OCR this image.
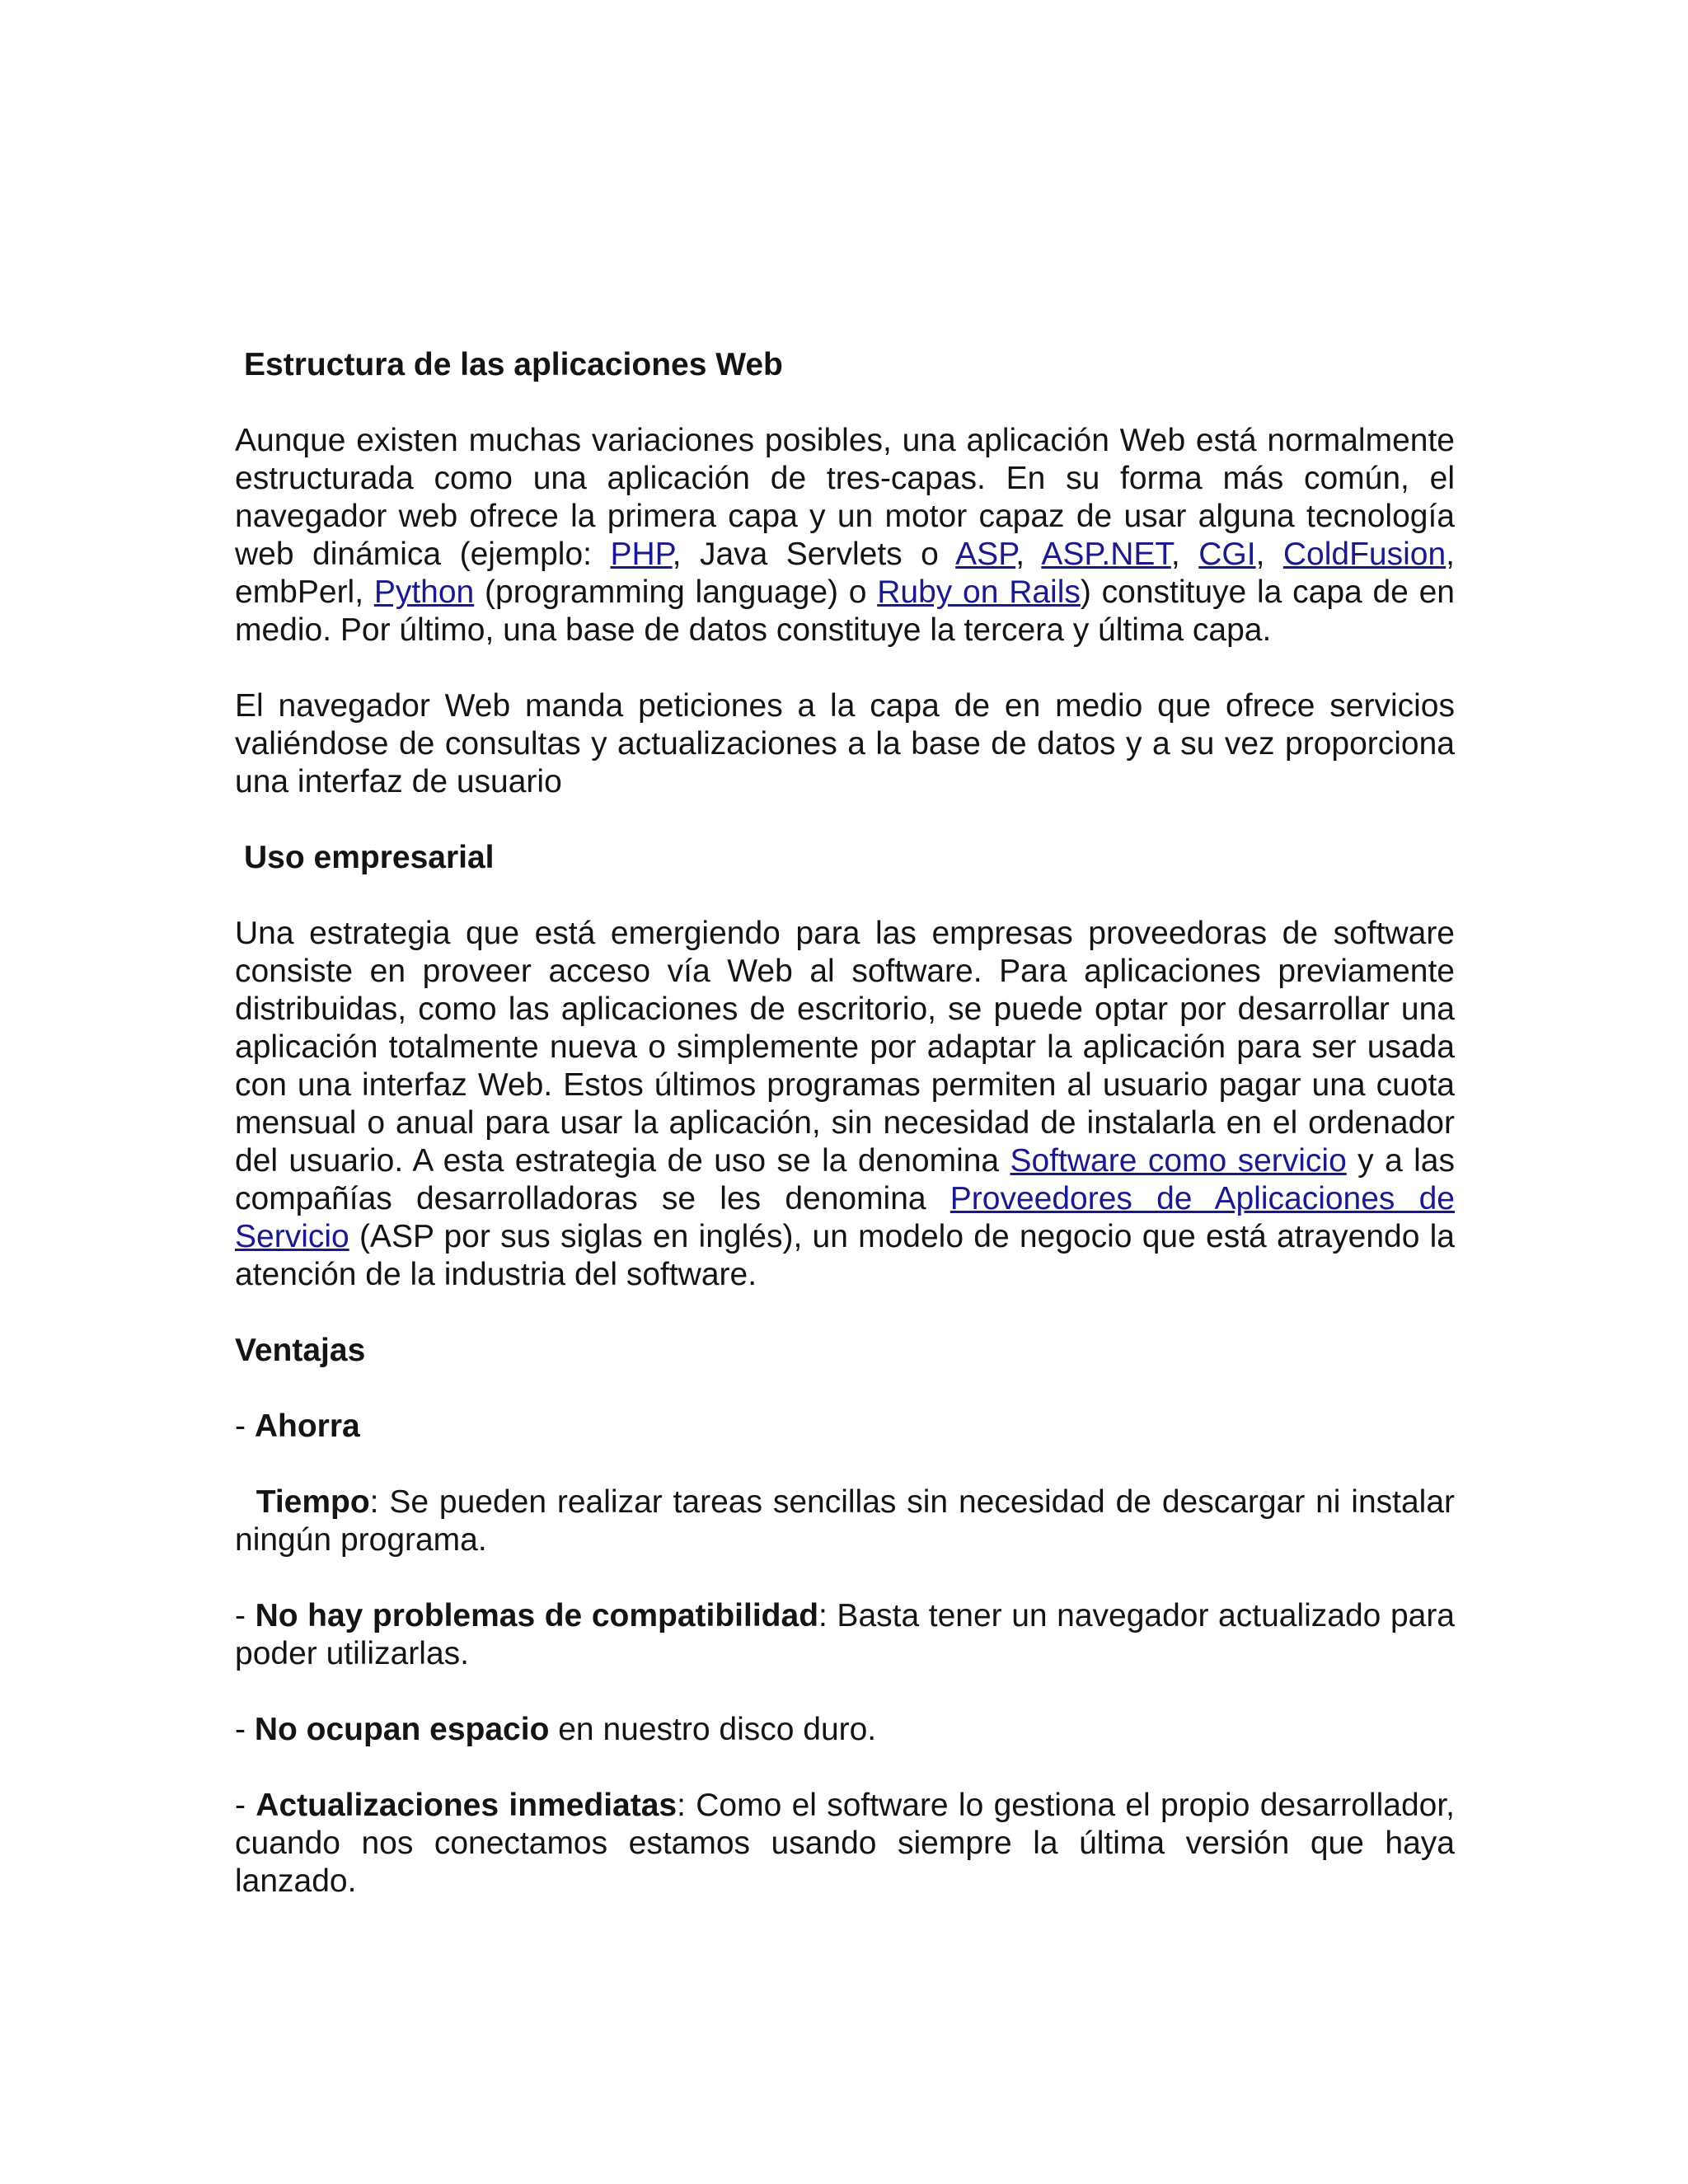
Estructura de las aplicaciones Web

Aunque existen muchas variaciones posibles, una aplicación Web está normalmente estructurada como una aplicación de tres-capas. En su forma más común, el navegador web ofrece la primera capa y un motor capaz de usar alguna tecnología web dinámica (ejemplo: PHP, Java Servlets o ASP, ASP.NET, CGI, ColdFusion, embPerl, Python (programming language) o Ruby on Rails) constituye la capa de en medio. Por último, una base de datos constituye la tercera y última capa.

El navegador Web manda peticiones a la capa de en medio que ofrece servicios valiéndose de consultas y actualizaciones a la base de datos y a su vez proporciona una interfaz de usuario

Uso empresarial

Una estrategia que está emergiendo para las empresas proveedoras de software consiste en proveer acceso vía Web al software. Para aplicaciones previamente distribuidas, como las aplicaciones de escritorio, se puede optar por desarrollar una aplicación totalmente nueva o simplemente por adaptar la aplicación para ser usada con una interfaz Web. Estos últimos programas permiten al usuario pagar una cuota mensual o anual para usar la aplicación, sin necesidad de instalarla en el ordenador del usuario. A esta estrategia de uso se la denomina Software como servicio y a las compañías desarrolladoras se les denomina Proveedores de Aplicaciones de Servicio (ASP por sus siglas en inglés), un modelo de negocio que está atrayendo la atención de la industria del software.

Ventajas

- Ahorra

Tiempo: Se pueden realizar tareas sencillas sin necesidad de descargar ni instalar ningún programa.

- No hay problemas de compatibilidad: Basta tener un navegador actualizado para poder utilizarlas.

- No ocupan espacio en nuestro disco duro.

- Actualizaciones inmediatas: Como el software lo gestiona el propio desarrollador, cuando nos conectamos estamos usando siempre la última versión que haya lanzado.
